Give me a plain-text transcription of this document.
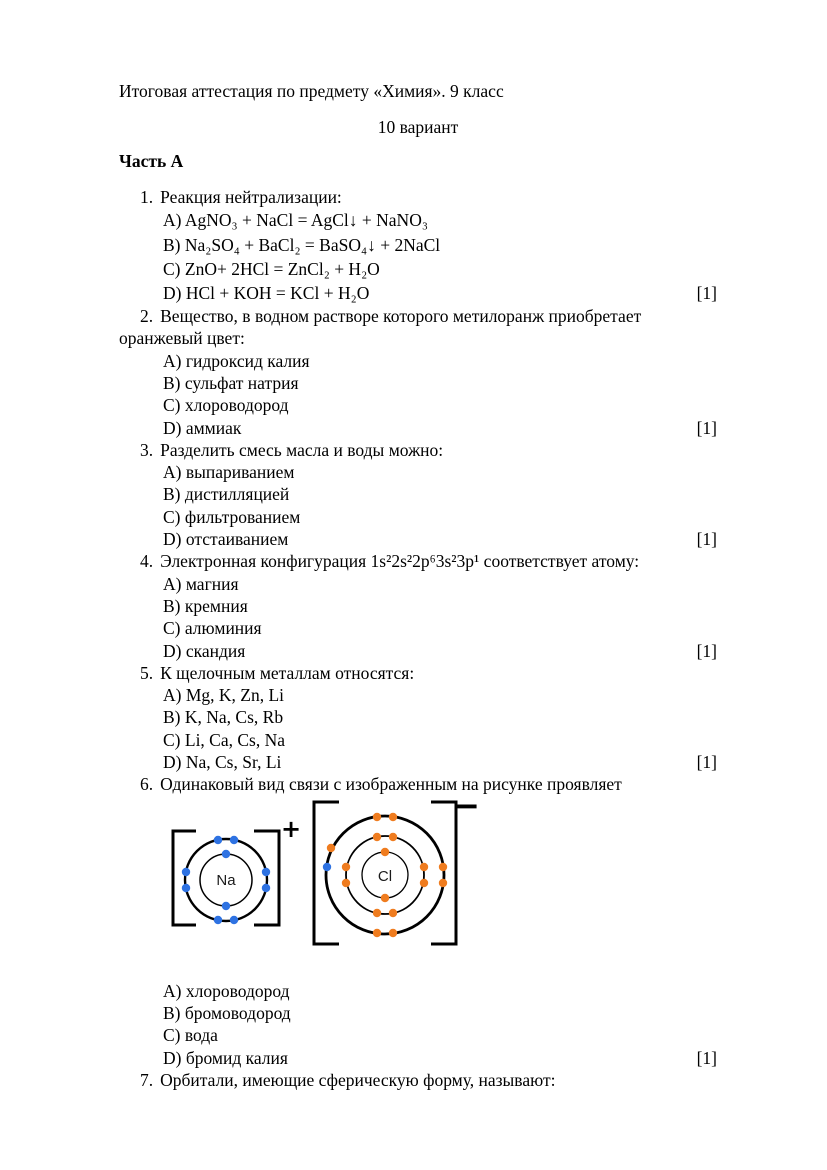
Итоговая аттестация по предмету «Химия». 9 класс

10 вариант

Часть А

1. Реакция нейтрализации:
A) AgNO₃ + NaCl = AgCl↓ + NaNO₃
B) Na₂SO₄ + BaCl₂ = BaSO₄↓ + 2NaCl
C) ZnO+ 2HCl = ZnCl₂ + H₂O
D) HCl + KOH = KCl + H₂O	[1]
2. Вещество, в водном растворе которого метилоранж приобретает оранжевый цвет:
A) гидроксид калия
B) сульфат натрия
C) хлороводород
D) аммиак	[1]
3. Разделить смесь масла и воды можно:
A) выпариванием
B) дистилляцией
C) фильтрованием
D) отстаиванием	[1]
4. Электронная конфигурация 1s²2s²2p⁶3s²3p¹ соответствует атому:
A) магния
B) кремния
C) алюминия
D) скандия	[1]
5. К щелочным металлам относятся:
A) Mg, K, Zn, Li
B) K, Na, Cs, Rb
C) Li, Ca, Cs, Na
D) Na, Cs, Sr, Li	[1]
6. Одинаковый вид связи с изображенным на рисунке проявляет
+
Na
−
Cl
A) хлороводород
B) бромоводород
C) вода
D) бромид калия	[1]
7. Орбитали, имеющие сферическую форму, называют:
